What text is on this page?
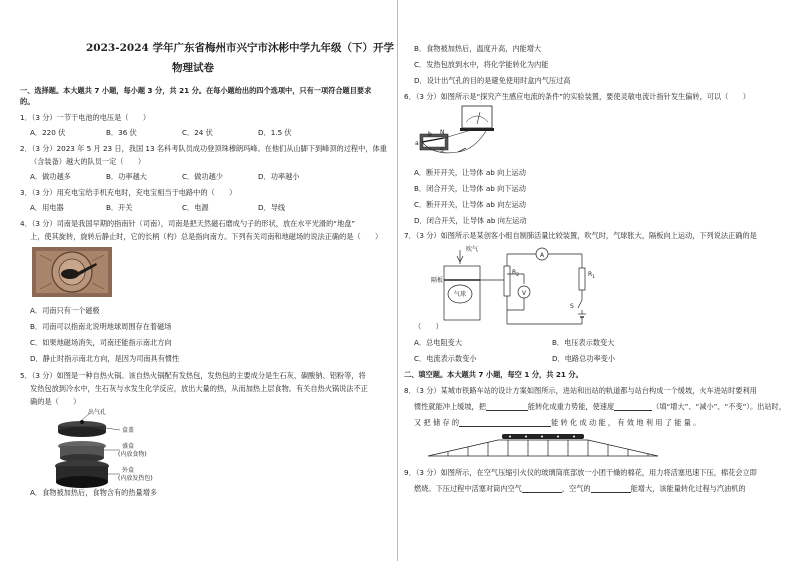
2023-2024 学年广东省梅州市兴宁市沐彬中学九年级（下）开学
物理试卷
一、选择题。本大题共 7 小题，每小题 3 分，共 21 分。在每小题给出的四个选项中，只有一项符合题目要求
的。
1．（3 分）一节干电池的电压是（　　）
A．220 伏	B．36 伏	C．24 伏	D．1.5 伏
2．（3 分）2023 年 5 月 23 日，我国 13 名科考队员成功登顶珠穆朗玛峰。在他们从山脚下到峰顶的过程中，体重
（含装备）越大的队员一定（　　）
A．做功越多	B．功率越大	C．做功越少	D．功率越小
3．（3 分）用充电宝给手机充电时，充电宝相当于电路中的（　　）
A．用电器	B．开关	C．电源	D．导线
4．（3 分）司南是我国早期的指南针（司南），司南是把天然磁石磨成勺子的形状，放在水平光滑的“地盘”
上，使其旋转，旋转后静止时，它的长柄（杓）总是指向南方。下列有关司南和地磁场的说法正确的是（　　）
A．司南只有一个磁极
B．司南可以指南北说明地球周围存在着磁场
C．如果地磁场消失，司南还能指示南北方向
D．静止时指示南北方向，是因为司南具有惯性
5．（3 分）如图是一种自热火锅。该自热火锅配有发热包，发热包的主要成分是生石灰、碳酸钠、铝粉等，将
发热包放到冷水中，生石灰与水发生化学反应，放出大量的热，从而加热上层食物。有关自热火锅说法不正
确的是（　　）
出气孔
盒盖
盛盒
(内放食物)
外盒
(内放发热包)
A．食物被加热后，食物含有的热量增多
B．食物被加热后，温度升高，内能增大
C．发热包放到水中，将化学能转化为内能
D．设计出气孔的目的是避免使用时盒内气压过高
6．（3 分）如图所示是“探究产生感应电流的条件”的实验装置，要使灵敏电流计指针发生偏转，可以（　　）
b
a
N
S
A．断开开关，让导体 ab 向上运动
B．闭合开关，让导体 ab 向下运动
C．断开开关，让导体 ab 向左运动
D．闭合开关，让导体 ab 向左运动
7．（3 分）如图所示是某创客小组自制肺活量比较装置，吹气时，气球胀大，隔板向上运动，下列说法正确的是
吹气
隔板
气球
$R_2$
A
V
$R_1$
S
（　　）
A．总电阻变大	B．电压表示数变大
C．电流表示数变小	D．电路总功率变小
二、填空题。本大题共 7 小题，每空 1 分，共 21 分。
8．（3 分）某城市铁路车站的设计方案如图所示，进站和出站的轨道都与站台构成一个缓坡，火车进站时要利用
惯性就能冲上缓坡，把	能转化成重力势能，使速度	（填“增大”、“减小”、“不变”）。出站时，
又 把 储 存 的	能 转 化 成 动 能 ， 有 效 地 利 用 了 能 量 。
9．（3 分）如图所示，在空气压缩引火仪的玻璃筒底部放一小团干燥的棉花，用力将活塞迅速下压，棉花会立即
燃烧。下压过程中活塞对筒内空气	，空气的	能增大，该能量转化过程与汽油机的
